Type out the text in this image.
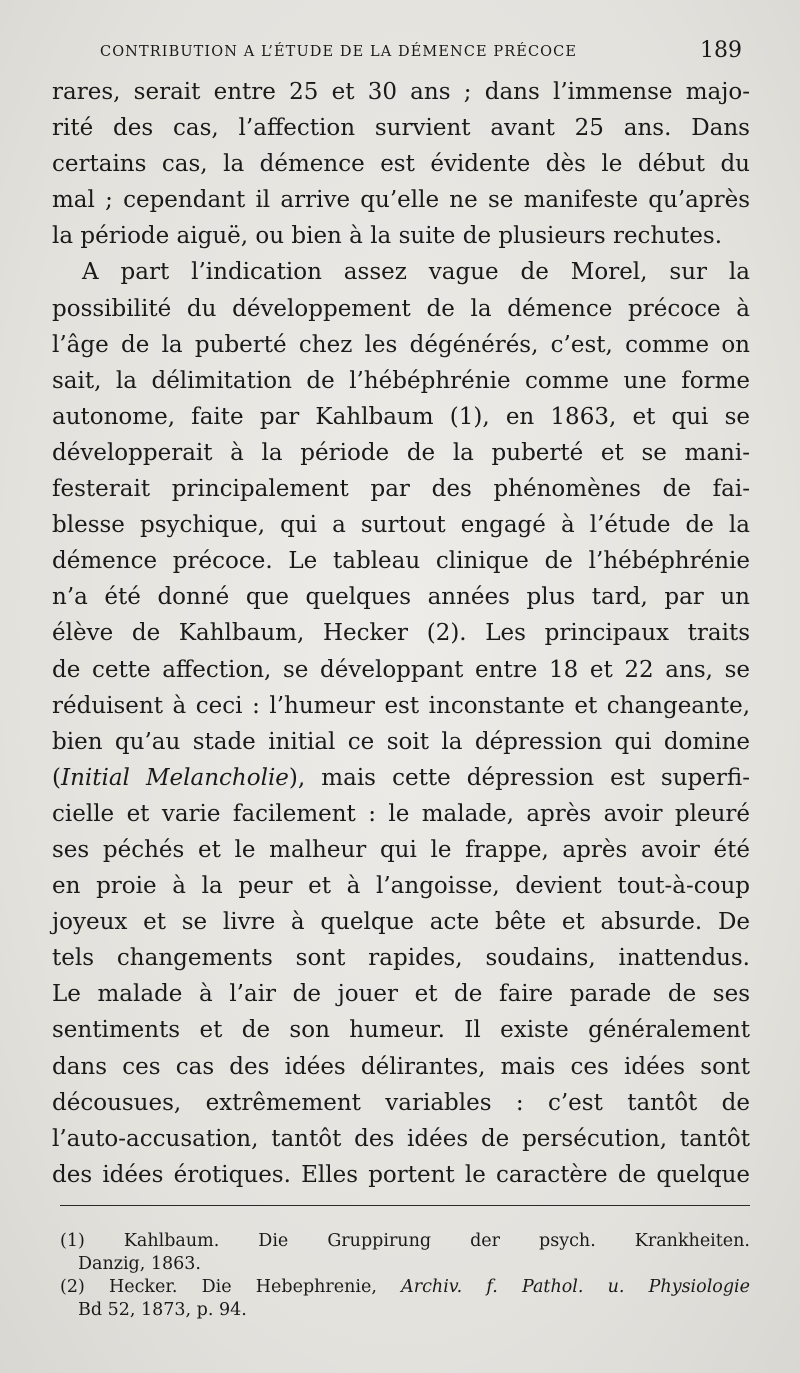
CONTRIBUTION A L’ÉTUDE DE LA DÉMENCE PRÉCOCE	189
rares, serait entre 25 et 30 ans ; dans l’immense majo-
rité des cas, l’affection survient avant 25 ans. Dans
certains cas, la démence est évidente dès le début du
mal ; cependant il arrive qu’elle ne se manifeste qu’après
la période aiguë, ou bien à la suite de plusieurs rechutes.
A part l’indication assez vague de Morel, sur la
possibilité du développement de la démence précoce à
l’âge de la puberté chez les dégénérés, c’est, comme on
sait, la délimitation de l’hébéphrénie comme une forme
autonome, faite par Kahlbaum (1), en 1863, et qui se
développerait à la période de la puberté et se mani-
festerait principalement par des phénomènes de fai-
blesse psychique, qui a surtout engagé à l’étude de la
démence précoce. Le tableau clinique de l’hébéphrénie
n’a été donné que quelques années plus tard, par un
élève de Kahlbaum, Hecker (2). Les principaux traits
de cette affection, se développant entre 18 et 22 ans, se
réduisent à ceci : l’humeur est inconstante et changeante,
bien qu’au stade initial ce soit la dépression qui domine
(Initial Melancholie), mais cette dépression est superfi-
cielle et varie facilement : le malade, après avoir pleuré
ses péchés et le malheur qui le frappe, après avoir été
en proie à la peur et à l’angoisse, devient tout-à-coup
joyeux et se livre à quelque acte bête et absurde. De
tels changements sont rapides, soudains, inattendus.
Le malade à l’air de jouer et de faire parade de ses
sentiments et de son humeur. Il existe généralement
dans ces cas des idées délirantes, mais ces idées sont
décousues, extrêmement variables : c’est tantôt de
l’auto-accusation, tantôt des idées de persécution, tantôt
des idées érotiques. Elles portent le caractère de quelque
(1) Kahlbaum. Die Gruppirung der psych. Krankheiten.
Danzig, 1863.
(2) Hecker. Die Hebephrenie, Archiv. f. Pathol. u. Physiologie
Bd 52, 1873, p. 94.
